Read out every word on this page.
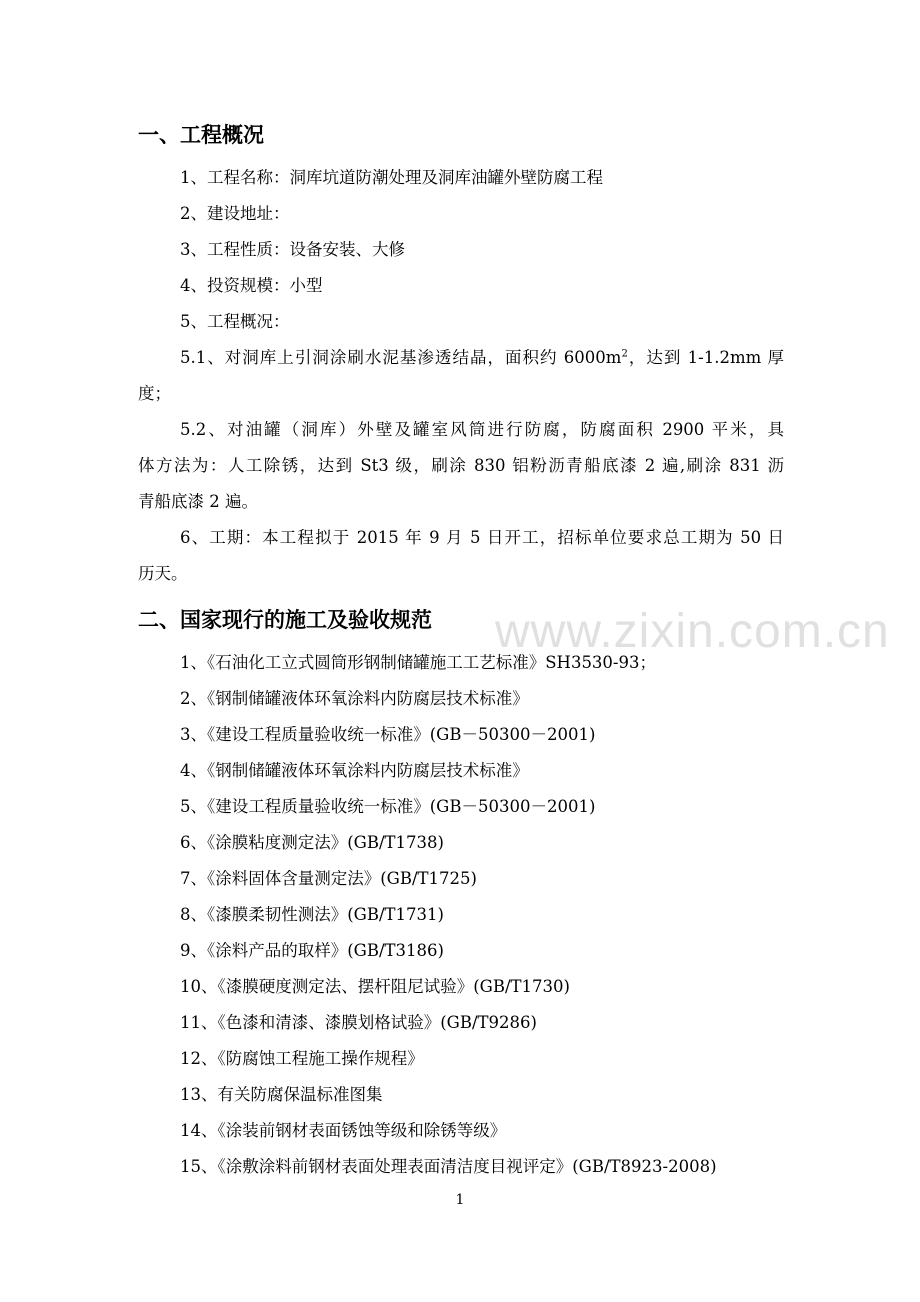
一、工程概况

1、工程名称：洞库坑道防潮处理及洞库油罐外壁防腐工程

2、建设地址：

3、工程性质：设备安装、大修

4、投资规模：小型

5、工程概况：

5.1、对洞库上引洞涂刷水泥基渗透结晶，面积约 $6000m^2$，达到 1-1.2mm 厚

度；

5.2、对油罐（洞库）外壁及罐室风筒进行防腐，防腐面积 2900 平米，具

体方法为：人工除锈，达到 St3 级，刷涂 830 铝粉沥青船底漆 2 遍,刷涂 831 沥

青船底漆 2 遍。

6、工期：本工程拟于 2015 年 9 月 5 日开工，招标单位要求总工期为 50 日

历天。

二、国家现行的施工及验收规范 www.zixin.com.cn

1、《石油化工立式圆筒形钢制储罐施工工艺标准》SH3530-93；

2、《钢制储罐液体环氧涂料内防腐层技术标准》

3、《建设工程质量验收统一标准》(GB－50300－2001)

4、《钢制储罐液体环氧涂料内防腐层技术标准》

5、《建设工程质量验收统一标准》(GB－50300－2001)

6、《涂膜粘度测定法》(GB/T1738)

7、《涂料固体含量测定法》(GB/T1725)

8、《漆膜柔韧性测法》(GB/T1731)

9、《涂料产品的取样》(GB/T3186)

10、《漆膜硬度测定法、摆杆阻尼试验》(GB/T1730)

11、《色漆和清漆、漆膜划格试验》(GB/T9286)

12、《防腐蚀工程施工操作规程》

13、有关防腐保温标准图集

14、《涂装前钢材表面锈蚀等级和除锈等级》

15、《涂敷涂料前钢材表面处理表面清洁度目视评定》(GB/T8923-2008)

1
